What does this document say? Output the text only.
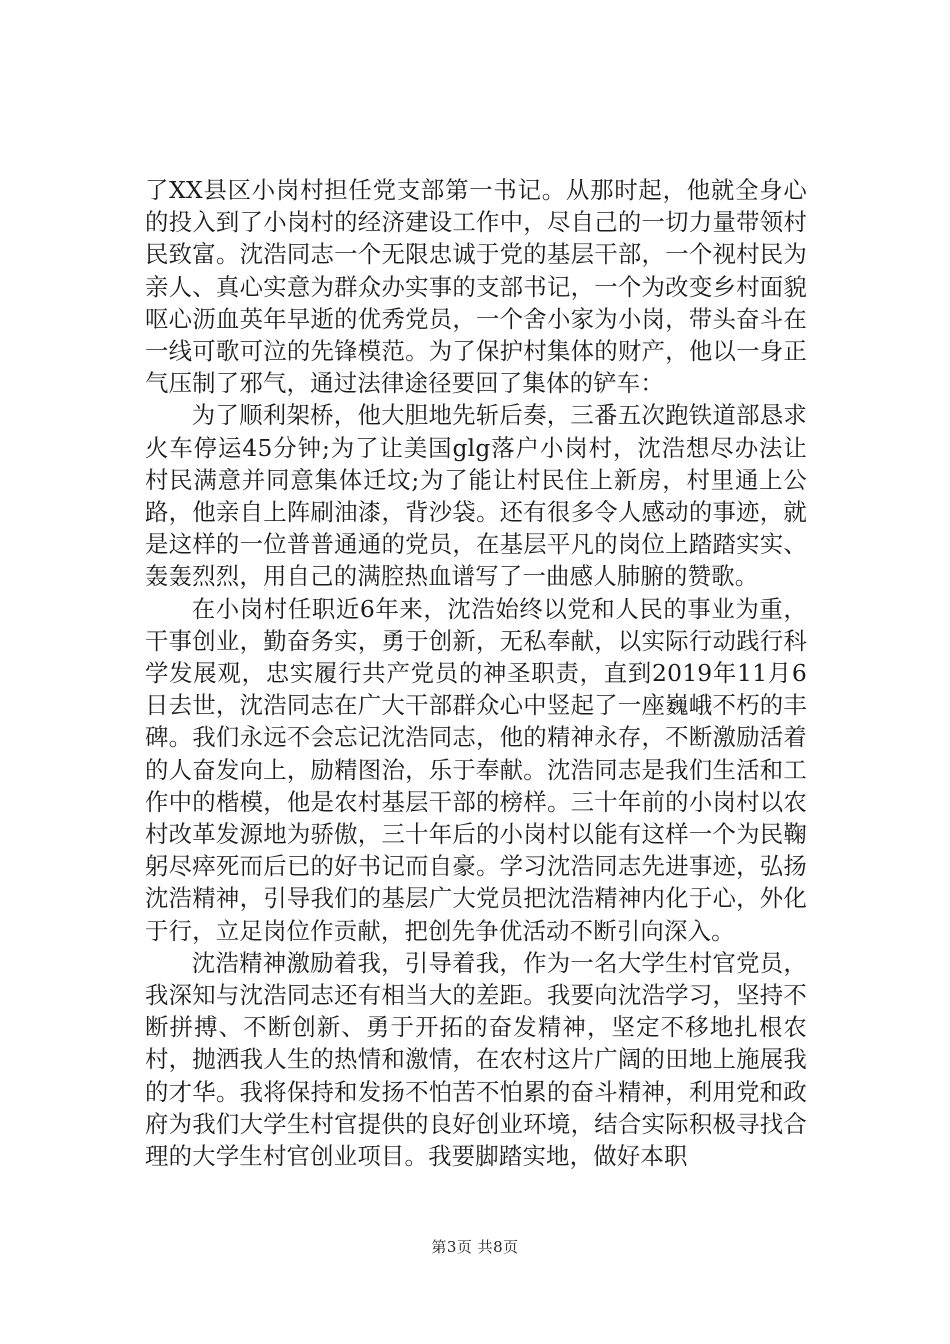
了XX县区小岗村担任党支部第一书记。从那时起，他就全身心的投入到了小岗村的经济建设工作中，尽自己的一切力量带领村民致富。沈浩同志一个无限忠诚于党的基层干部，一个视村民为亲人、真心实意为群众办实事的支部书记，一个为改变乡村面貌呕心沥血英年早逝的优秀党员，一个舍小家为小岗，带头奋斗在一线可歌可泣的先锋模范。为了保护村集体的财产，他以一身正气压制了邪气，通过法律途径要回了集体的铲车：

为了顺利架桥，他大胆地先斩后奏，三番五次跑铁道部恳求火车停运45分钟;为了让美国glg落户小岗村，沈浩想尽办法让村民满意并同意集体迁坟;为了能让村民住上新房，村里通上公路，他亲自上阵刷油漆，背沙袋。还有很多令人感动的事迹，就是这样的一位普普通通的党员，在基层平凡的岗位上踏踏实实、轰轰烈烈，用自己的满腔热血谱写了一曲感人肺腑的赞歌。

在小岗村任职近6年来，沈浩始终以党和人民的事业为重，干事创业，勤奋务实，勇于创新，无私奉献，以实际行动践行科学发展观，忠实履行共产党员的神圣职责，直到2019年11月6日去世，沈浩同志在广大干部群众心中竖起了一座巍峨不朽的丰碑。我们永远不会忘记沈浩同志，他的精神永存，不断激励活着的人奋发向上，励精图治，乐于奉献。沈浩同志是我们生活和工作中的楷模，他是农村基层干部的榜样。三十年前的小岗村以农村改革发源地为骄傲，三十年后的小岗村以能有这样一个为民鞠躬尽瘁死而后已的好书记而自豪。学习沈浩同志先进事迹，弘扬沈浩精神，引导我们的基层广大党员把沈浩精神内化于心，外化于行，立足岗位作贡献，把创先争优活动不断引向深入。

沈浩精神激励着我，引导着我，作为一名大学生村官党员，我深知与沈浩同志还有相当大的差距。我要向沈浩学习，坚持不断拼搏、不断创新、勇于开拓的奋发精神，坚定不移地扎根农村，抛洒我人生的热情和激情，在农村这片广阔的田地上施展我的才华。我将保持和发扬不怕苦不怕累的奋斗精神，利用党和政府为我们大学生村官提供的良好创业环境，结合实际积极寻找合理的大学生村官创业项目。我要脚踏实地，做好本职

第3页 共8页
